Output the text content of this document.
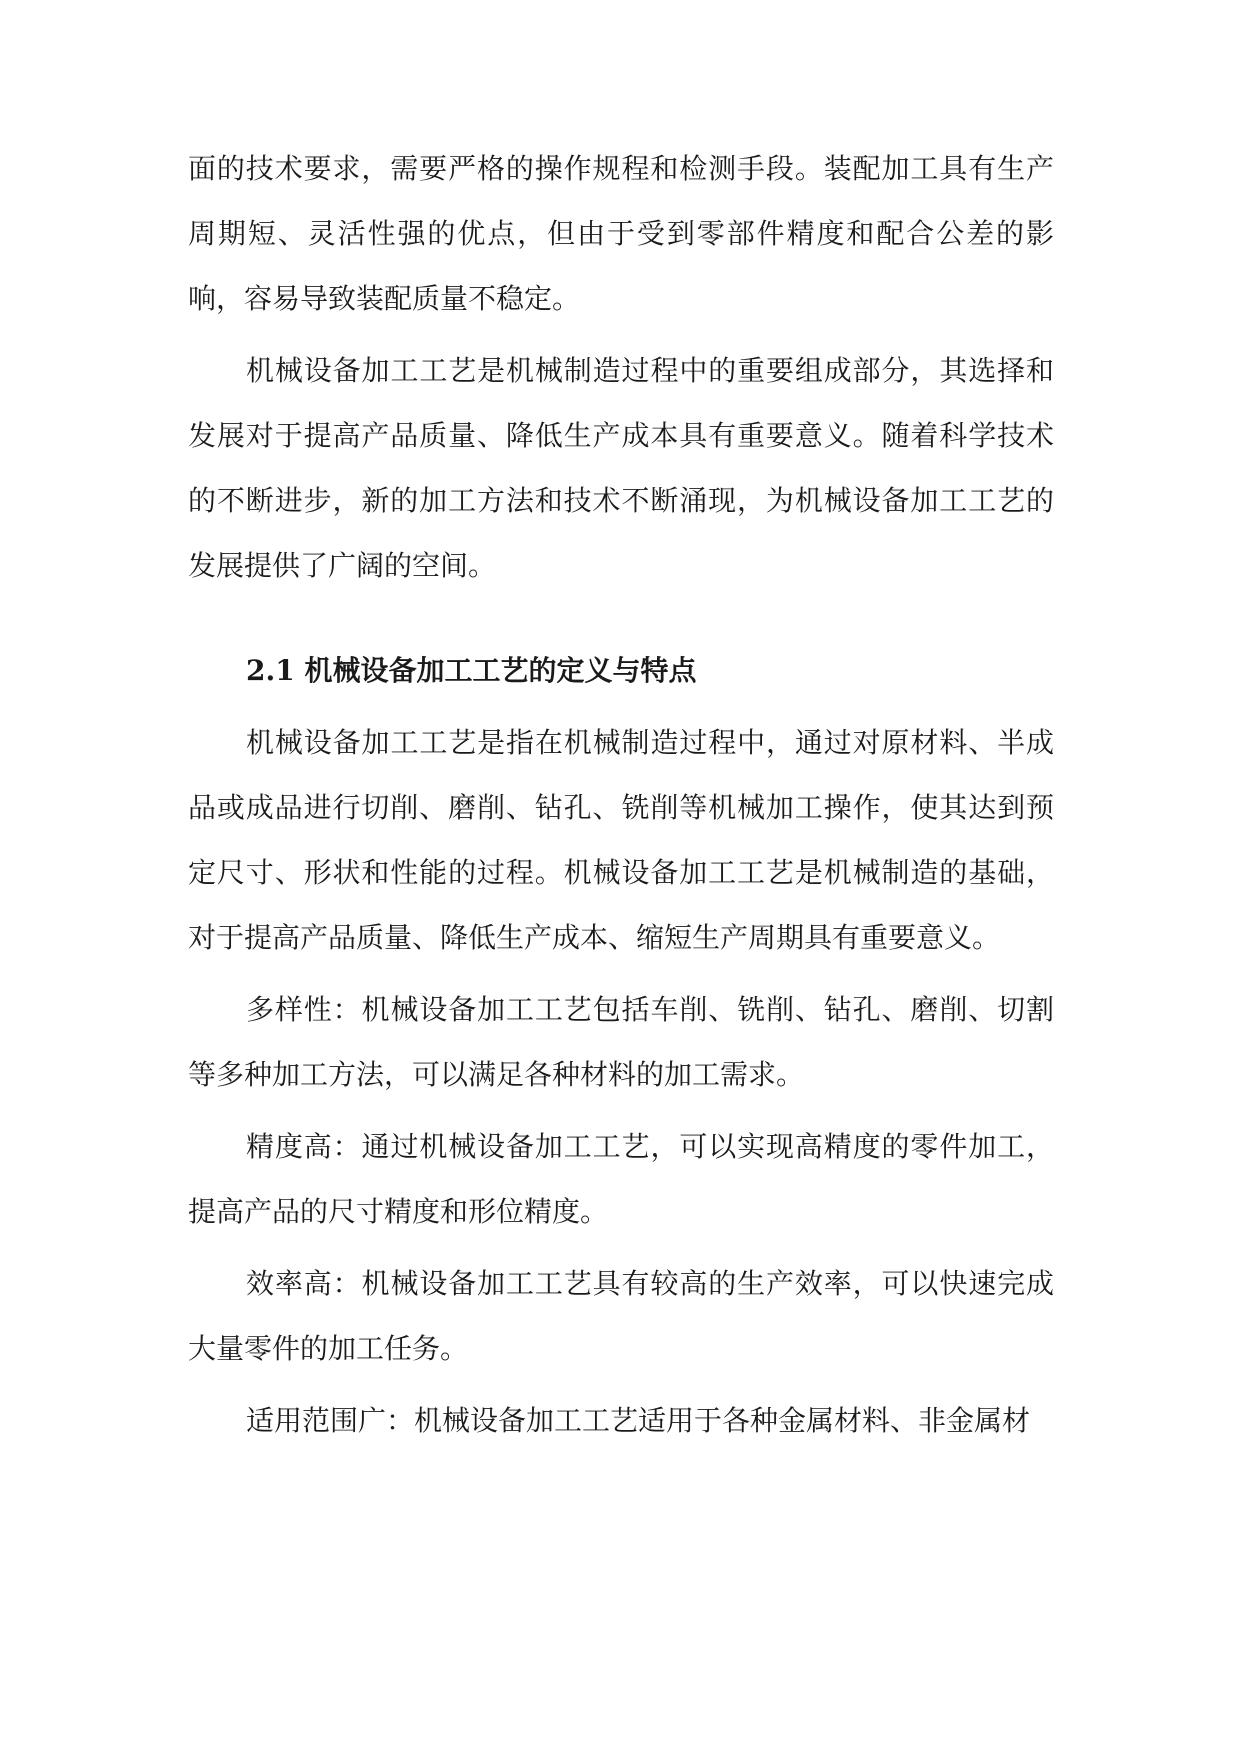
面的技术要求，需要严格的操作规程和检测手段。装配加工具有生产周期短、灵活性强的优点，但由于受到零部件精度和配合公差的影响，容易导致装配质量不稳定。

机械设备加工工艺是机械制造过程中的重要组成部分，其选择和发展对于提高产品质量、降低生产成本具有重要意义。随着科学技术的不断进步，新的加工方法和技术不断涌现，为机械设备加工工艺的发展提供了广阔的空间。

2.1 机械设备加工工艺的定义与特点

机械设备加工工艺是指在机械制造过程中，通过对原材料、半成品或成品进行切削、磨削、钻孔、铣削等机械加工操作，使其达到预定尺寸、形状和性能的过程。机械设备加工工艺是机械制造的基础，对于提高产品质量、降低生产成本、缩短生产周期具有重要意义。

多样性：机械设备加工工艺包括车削、铣削、钻孔、磨削、切割等多种加工方法，可以满足各种材料的加工需求。

精度高：通过机械设备加工工艺，可以实现高精度的零件加工，提高产品的尺寸精度和形位精度。

效率高：机械设备加工工艺具有较高的生产效率，可以快速完成大量零件的加工任务。

适用范围广：机械设备加工工艺适用于各种金属材料、非金属材
